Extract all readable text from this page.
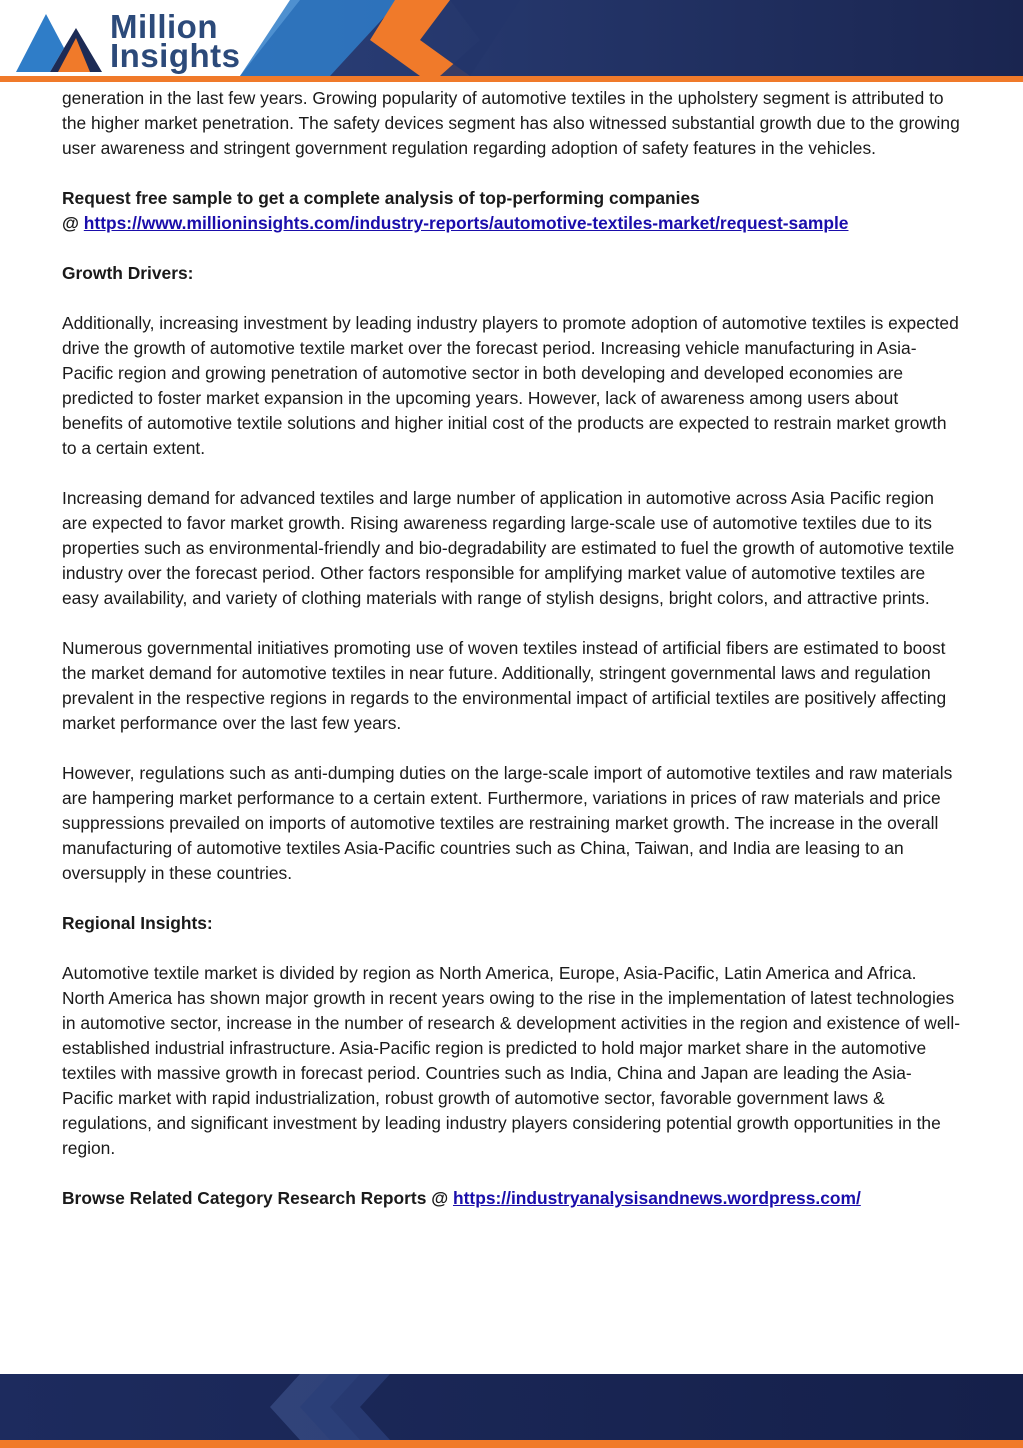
Million
Insights

generation in the last few years. Growing popularity of automotive textiles in the upholstery segment is attributed to the higher market penetration. The safety devices segment has also witnessed substantial growth due to the growing user awareness and stringent government regulation regarding adoption of safety features in the vehicles.

Request free sample to get a complete analysis of top-performing companies
@ https://www.millioninsights.com/industry-reports/automotive-textiles-market/request-sample

Growth Drivers:

Additionally, increasing investment by leading industry players to promote adoption of automotive textiles is expected drive the growth of automotive textile market over the forecast period. Increasing vehicle manufacturing in Asia-Pacific region and growing penetration of automotive sector in both developing and developed economies are predicted to foster market expansion in the upcoming years. However, lack of awareness among users about benefits of automotive textile solutions and higher initial cost of the products are expected to restrain market growth to a certain extent.

Increasing demand for advanced textiles and large number of application in automotive across Asia Pacific region are expected to favor market growth. Rising awareness regarding large-scale use of automotive textiles due to its properties such as environmental-friendly and bio-degradability are estimated to fuel the growth of automotive textile industry over the forecast period. Other factors responsible for amplifying market value of automotive textiles are easy availability, and variety of clothing materials with range of stylish designs, bright colors, and attractive prints.

Numerous governmental initiatives promoting use of woven textiles instead of artificial fibers are estimated to boost the market demand for automotive textiles in near future. Additionally, stringent governmental laws and regulation prevalent in the respective regions in regards to the environmental impact of artificial textiles are positively affecting market performance over the last few years.

However, regulations such as anti-dumping duties on the large-scale import of automotive textiles and raw materials are hampering market performance to a certain extent. Furthermore, variations in prices of raw materials and price suppressions prevailed on imports of automotive textiles are restraining market growth. The increase in the overall manufacturing of automotive textiles Asia-Pacific countries such as China, Taiwan, and India are leasing to an oversupply in these countries.

Regional Insights:

Automotive textile market is divided by region as North America, Europe, Asia-Pacific, Latin America and Africa. North America has shown major growth in recent years owing to the rise in the implementation of latest technologies in automotive sector, increase in the number of research & development activities in the region and existence of well-established industrial infrastructure. Asia-Pacific region is predicted to hold major market share in the automotive textiles with massive growth in forecast period. Countries such as India, China and Japan are leading the Asia-Pacific market with rapid industrialization, robust growth of automotive sector, favorable government laws & regulations, and significant investment by leading industry players considering potential growth opportunities in the region.

Browse Related Category Research Reports @ https://industryanalysisandnews.wordpress.com/
